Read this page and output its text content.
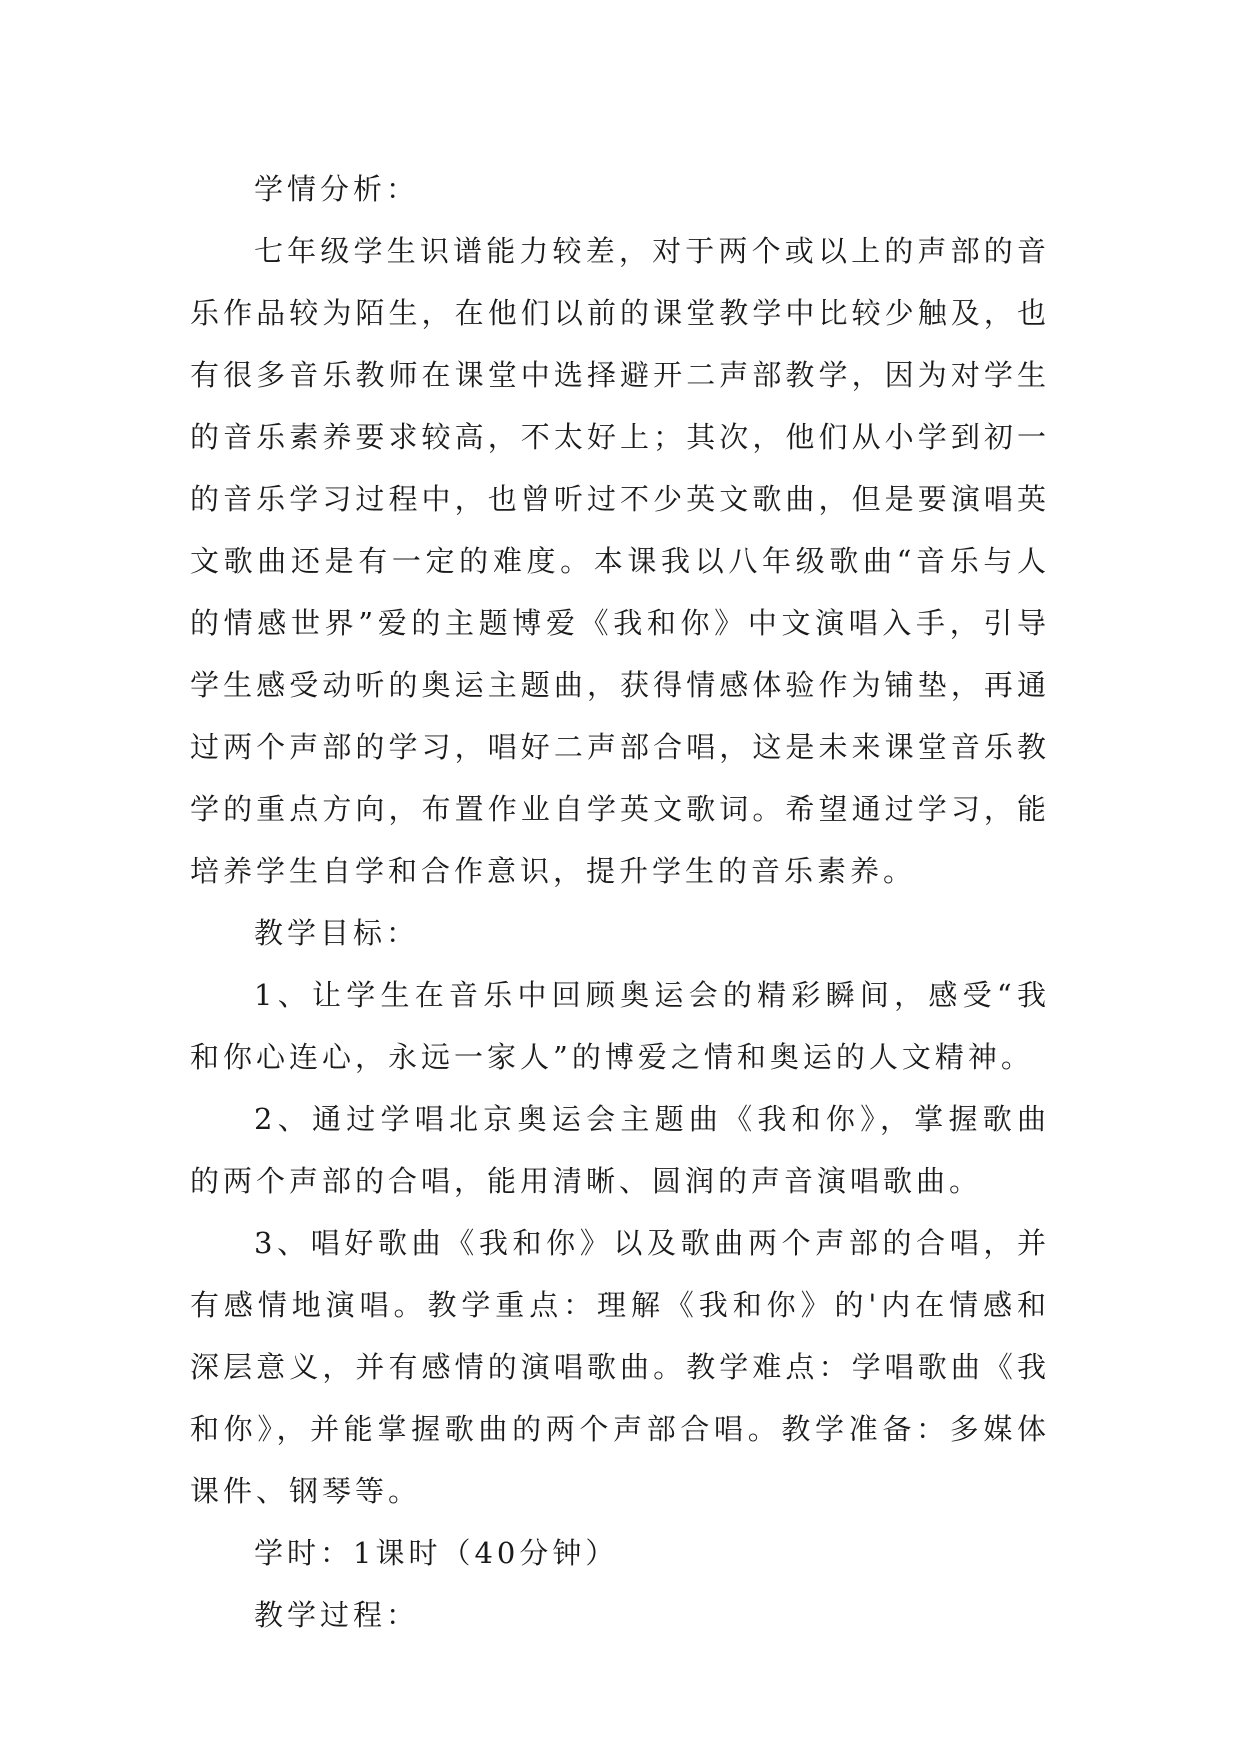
学情分析：

七年级学生识谱能力较差，对于两个或以上的声部的音乐作品较为陌生，在他们以前的课堂教学中比较少触及，也有很多音乐教师在课堂中选择避开二声部教学，因为对学生的音乐素养要求较高，不太好上；其次，他们从小学到初一的音乐学习过程中，也曾听过不少英文歌曲，但是要演唱英文歌曲还是有一定的难度。本课我以八年级歌曲“音乐与人的情感世界”爱的主题博爱《我和你》中文演唱入手，引导学生感受动听的奥运主题曲，获得情感体验作为铺垫，再通过两个声部的学习，唱好二声部合唱，这是未来课堂音乐教学的重点方向，布置作业自学英文歌词。希望通过学习，能培养学生自学和合作意识，提升学生的音乐素养。

教学目标：

1、让学生在音乐中回顾奥运会的精彩瞬间，感受“我和你心连心，永远一家人”的博爱之情和奥运的人文精神。

2、通过学唱北京奥运会主题曲《我和你》，掌握歌曲的两个声部的合唱，能用清晰、圆润的声音演唱歌曲。

3、唱好歌曲《我和你》以及歌曲两个声部的合唱，并有感情地演唱。教学重点：理解《我和你》的'内在情感和深层意义，并有感情的演唱歌曲。教学难点：学唱歌曲《我和你》，并能掌握歌曲的两个声部合唱。教学准备：多媒体课件、钢琴等。

学时：1课时（40分钟）

教学过程：
